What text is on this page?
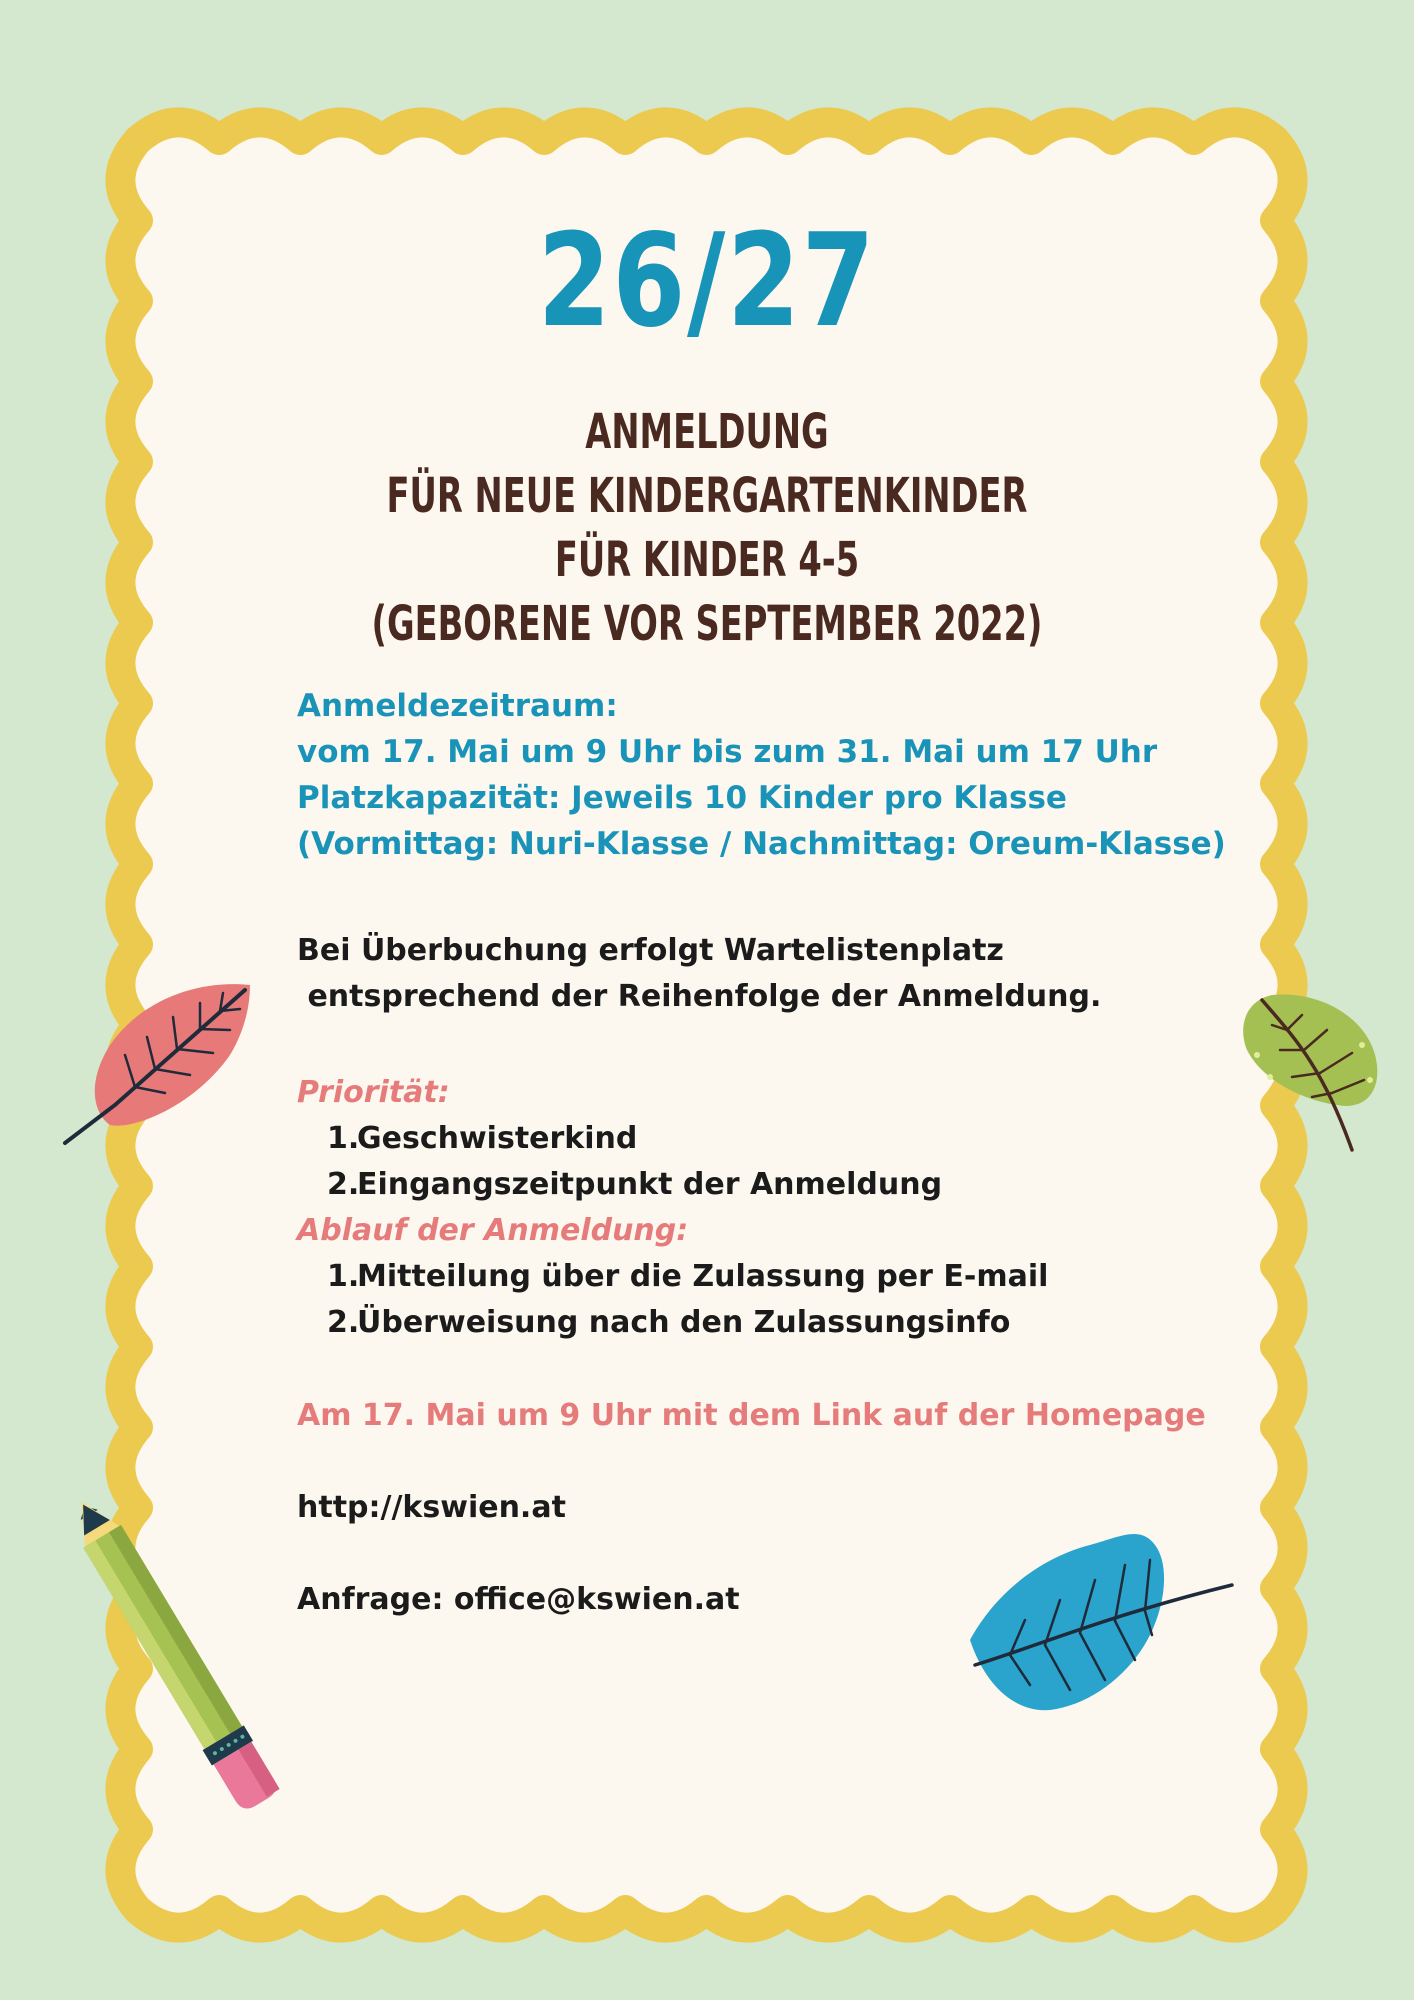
26/27
ANMELDUNG
FÜR NEUE KINDERGARTENKINDER
FÜR KINDER 4-5
(GEBORENE VOR SEPTEMBER 2022)
Anmeldezeitraum:
vom 17. Mai um 9 Uhr bis zum 31. Mai um 17 Uhr
Platzkapazität: Jeweils 10 Kinder pro Klasse
(Vormittag: Nuri-Klasse / Nachmittag: Oreum-Klasse)
Bei Überbuchung erfolgt Wartelistenplatz
entsprechend der Reihenfolge der Anmeldung.
Priorität:
1.Geschwisterkind
2.Eingangszeitpunkt der Anmeldung
Ablauf der Anmeldung:
1.Mitteilung über die Zulassung per E-mail
2.Überweisung nach den Zulassungsinfo
Am 17. Mai um 9 Uhr mit dem Link auf der Homepage
http://kswien.at
Anfrage: office@kswien.at
